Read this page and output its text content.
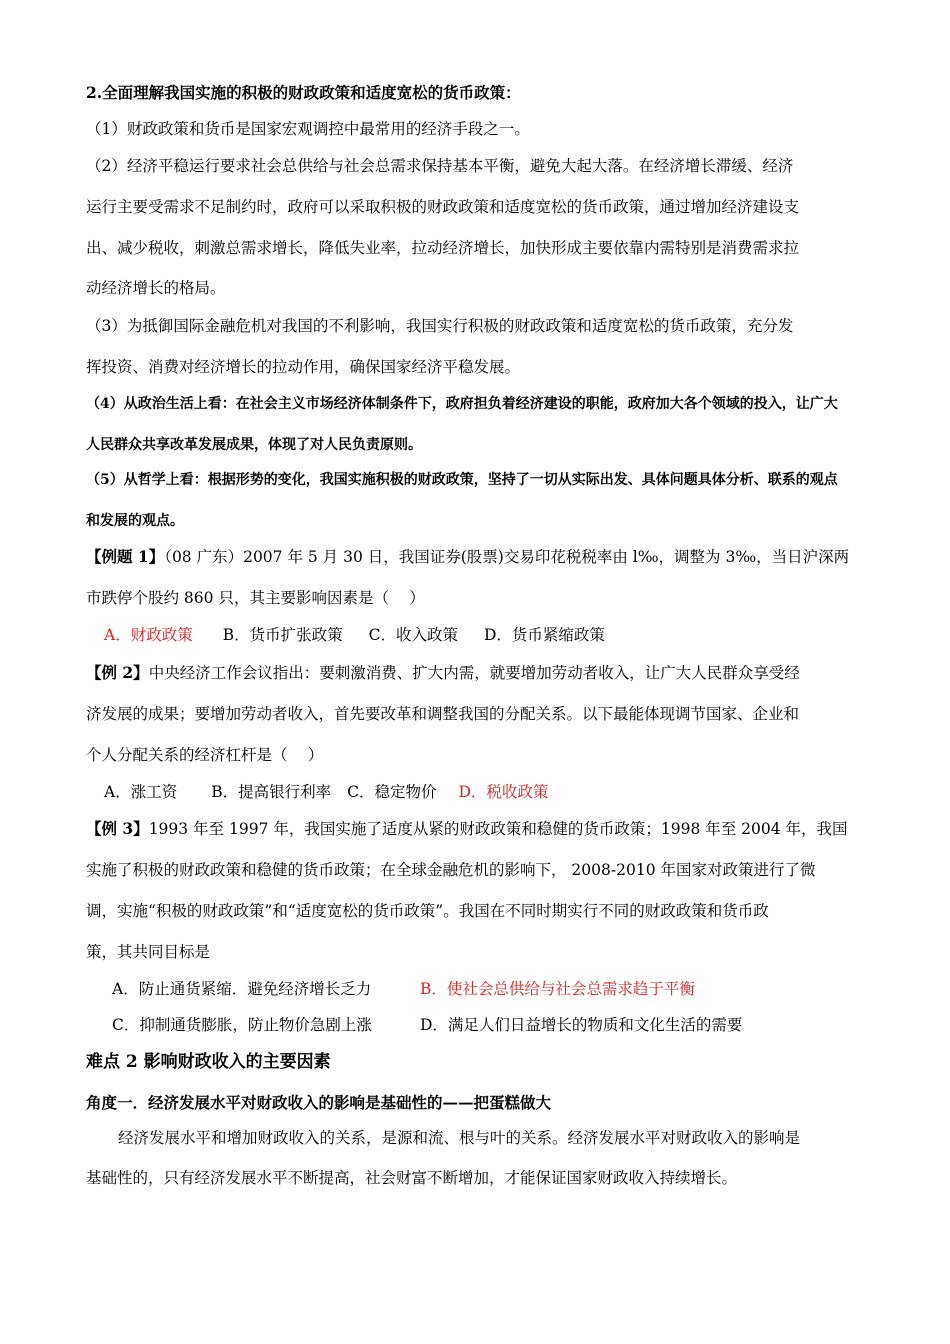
2.全面理解我国实施的积极的财政政策和适度宽松的货币政策：
（1）财政政策和货币是国家宏观调控中最常用的经济手段之一。
（2）经济平稳运行要求社会总供给与社会总需求保持基本平衡，避免大起大落。在经济增长滞缓、经济
运行主要受需求不足制约时，政府可以采取积极的财政政策和适度宽松的货币政策，通过增加经济建设支
出、减少税收，刺激总需求增长，降低失业率，拉动经济增长，加快形成主要依靠内需特别是消费需求拉
动经济增长的格局。
（3）为抵御国际金融危机对我国的不利影响，我国实行积极的财政政策和适度宽松的货币政策，充分发
挥投资、消费对经济增长的拉动作用，确保国家经济平稳发展。
（4）从政治生活上看：在社会主义市场经济体制条件下，政府担负着经济建设的职能，政府加大各个领域的投入，让广大
人民群众共享改革发展成果，体现了对人民负责原则。
（5）从哲学上看：根据形势的变化，我国实施积极的财政政策，坚持了一切从实际出发、具体问题具体分析、联系的观点
和发展的观点。
【例题 1】（08 广东）2007 年 5 月 30 日，我国证券(股票)交易印花税税率由 l‰，调整为 3‰，当日沪深两
市跌停个股约 860 只，其主要影响因素是（　 ）
A．财政政策 B．货币扩张政策 C．收入政策 D．货币紧缩政策
【例 2】中央经济工作会议指出：要刺激消费、扩大内需，就要增加劳动者收入，让广大人民群众享受经
济发展的成果；要增加劳动者收入，首先要改革和调整我国的分配关系。以下最能体现调节国家、企业和
个人分配关系的经济杠杆是（　 ）
A．涨工资 B．提高银行利率 C．稳定物价 D．税收政策
【例 3】1993 年至 1997 年，我国实施了适度从紧的财政政策和稳健的货币政策；1998 年至 2004 年，我国
实施了积极的财政政策和稳健的货币政策；在全球金融危机的影响下， 2008-2010 年国家对政策进行了微
调，实施“积极的财政政策”和“适度宽松的货币政策”。我国在不同时期实行不同的财政政策和货币政
策，其共同目标是
A．防止通货紧缩．避免经济增长乏力	B．使社会总供给与社会总需求趋于平衡
C．抑制通货膨胀，防止物价急剧上涨	D．满足人们日益增长的物质和文化生活的需要
难点 2 影响财政收入的主要因素
角度一．经济发展水平对财政收入的影响是基础性的——把蛋糕做大
经济发展水平和增加财政收入的关系，是源和流、根与叶的关系。经济发展水平对财政收入的影响是
基础性的，只有经济发展水平不断提高，社会财富不断增加，才能保证国家财政收入持续增长。
